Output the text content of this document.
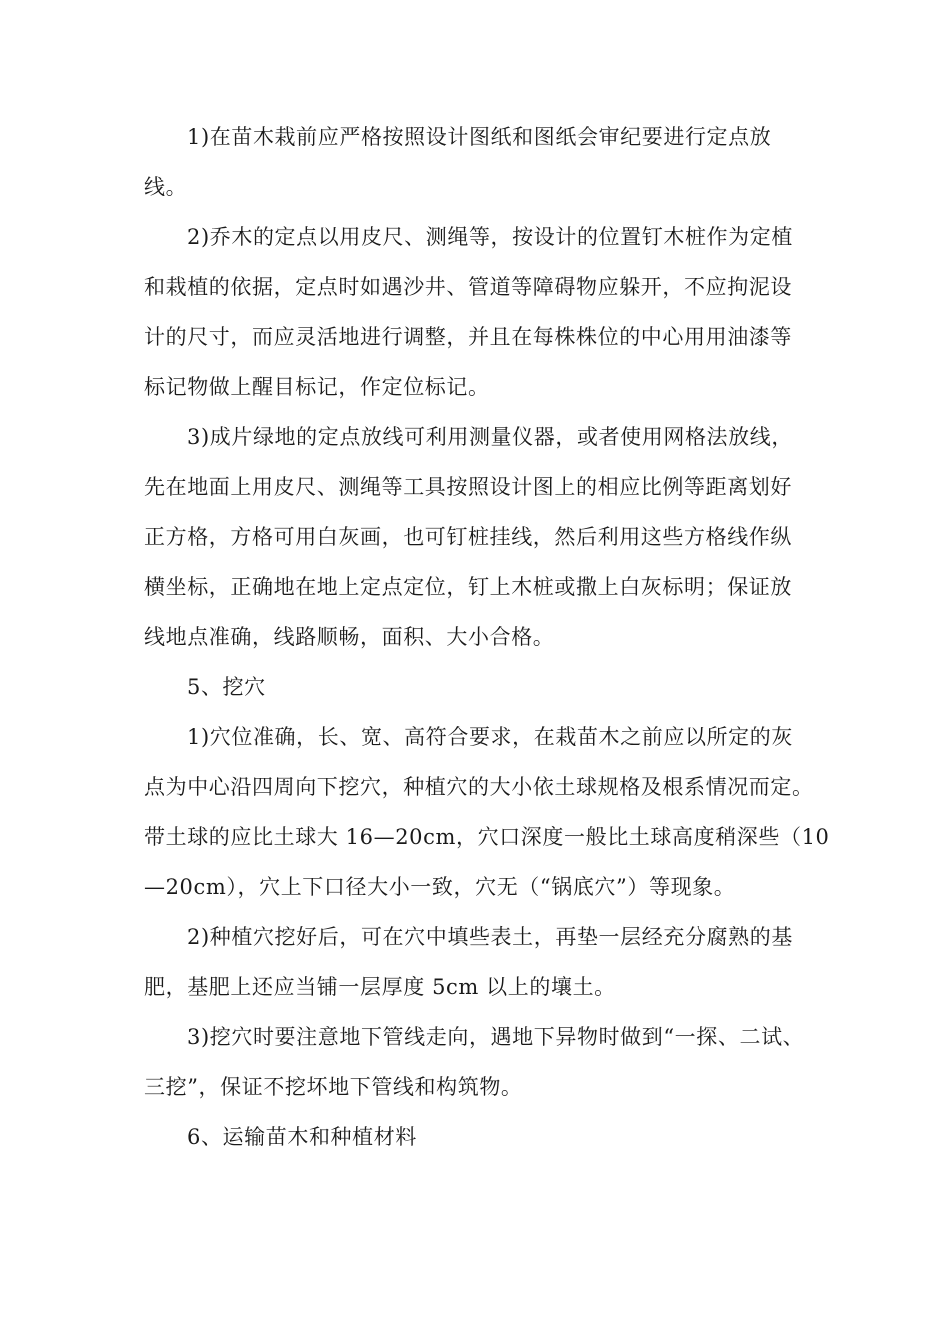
1)在苗木栽前应严格按照设计图纸和图纸会审纪要进行定点放
线。
2)乔木的定点以用皮尺、测绳等，按设计的位置钉木桩作为定植
和栽植的依据，定点时如遇沙井、管道等障碍物应躲开，不应拘泥设
计的尺寸，而应灵活地进行调整，并且在每株株位的中心用用油漆等
标记物做上醒目标记，作定位标记。
3)成片绿地的定点放线可利用测量仪器，或者使用网格法放线，
先在地面上用皮尺、测绳等工具按照设计图上的相应比例等距离划好
正方格，方格可用白灰画，也可钉桩挂线，然后利用这些方格线作纵
横坐标，正确地在地上定点定位，钉上木桩或撒上白灰标明；保证放
线地点准确，线路顺畅，面积、大小合格。
5、挖穴
1)穴位准确，长、宽、高符合要求，在栽苗木之前应以所定的灰
点为中心沿四周向下挖穴，种植穴的大小依土球规格及根系情况而定。
带土球的应比土球大 16—20cm，穴口深度一般比土球高度稍深些（10
—20cm），穴上下口径大小一致，穴无（“锅底穴”）等现象。
2)种植穴挖好后，可在穴中填些表土，再垫一层经充分腐熟的基
肥，基肥上还应当铺一层厚度 5cm 以上的壤土。
3)挖穴时要注意地下管线走向，遇地下异物时做到“一探、二试、
三挖”，保证不挖坏地下管线和构筑物。
6、运输苗木和种植材料
